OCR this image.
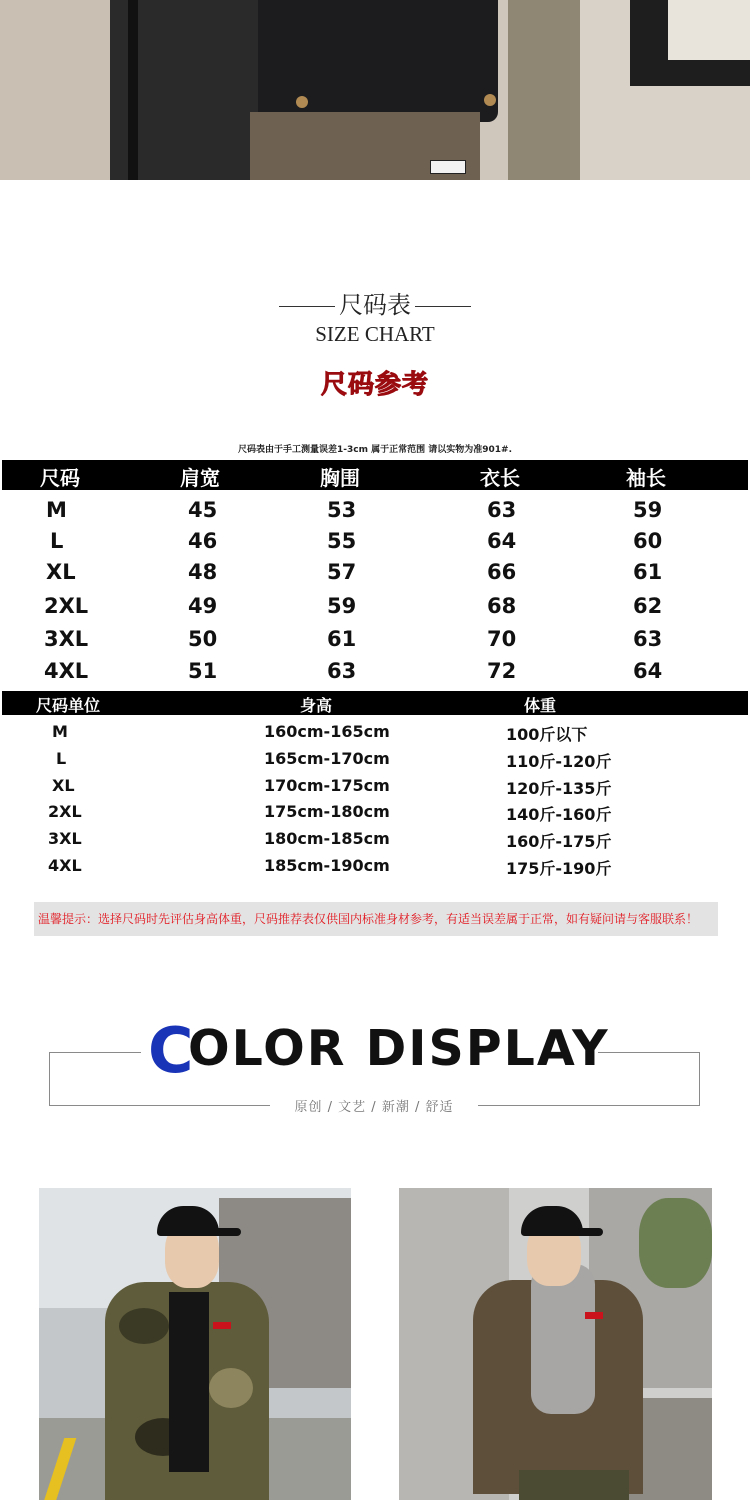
尺码表
SIZE CHART
尺码参考
尺码表由于手工测量误差1-3cm 属于正常范围 请以实物为准901#.
尺码	肩宽	胸围	衣长	袖长
M	45	53	63	59
L	46	55	64	60
XL	48	57	66	61
2XL	49	59	68	62
3XL	50	61	70	63
4XL	51	63	72	64
尺码单位	身高	体重
M	160cm-165cm	100斤以下
L	165cm-170cm	110斤-120斤
XL	170cm-175cm	120斤-135斤
2XL	175cm-180cm	140斤-160斤
3XL	180cm-185cm	160斤-175斤
4XL	185cm-190cm	175斤-190斤
温馨提示：选择尺码时先评估身高体重，尺码推荐表仅供国内标准身材参考，有适当误差属于正常，如有疑问请与客服联系！
C
OLOR DISPLAY
原创 / 文艺 / 新潮 / 舒适
